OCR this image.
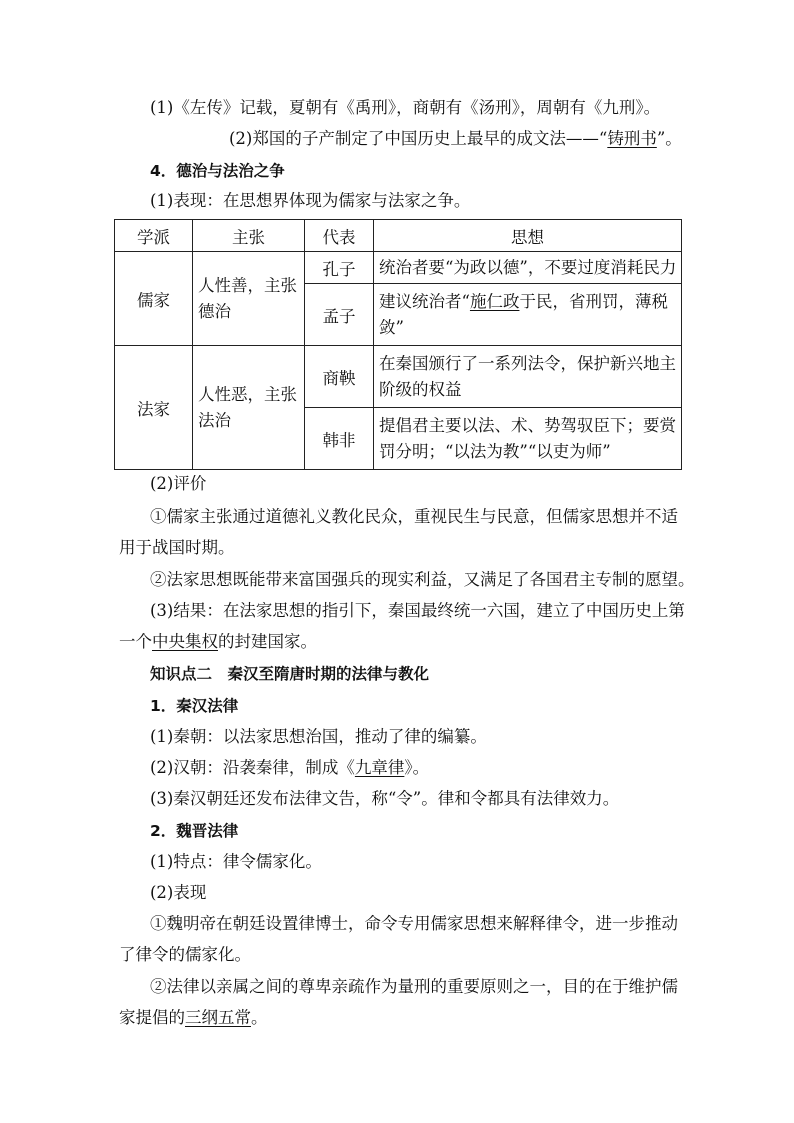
(1)《左传》记载，夏朝有《禹刑》，商朝有《汤刑》，周朝有《九刑》。
(2)郑国的子产制定了中国历史上最早的成文法——“铸刑书”。
4．德治与法治之争
(1)表现：在思想界体现为儒家与法家之争。
学派	主张	代表	思想
儒家	人性善，主张德治	孔子	统治者要“为政以德”，不要过度消耗民力
		孟子	建议统治者“施仁政于民，省刑罚，薄税敛”
法家	人性恶，主张法治	商鞅	在秦国颁行了一系列法令，保护新兴地主阶级的权益
		韩非	提倡君主要以法、术、势驾驭臣下；要赏罚分明；“以法为教”“以吏为师”
(2)评价
①儒家主张通过道德礼义教化民众，重视民生与民意，但儒家思想并不适
用于战国时期。
②法家思想既能带来富国强兵的现实利益，又满足了各国君主专制的愿望。
(3)结果：在法家思想的指引下，秦国最终统一六国，建立了中国历史上第
一个中央集权的封建国家。
知识点二　秦汉至隋唐时期的法律与教化
1．秦汉法律
(1)秦朝：以法家思想治国，推动了律的编纂。
(2)汉朝：沿袭秦律，制成《九章律》。
(3)秦汉朝廷还发布法律文告，称“令”。律和令都具有法律效力。
2．魏晋法律
(1)特点：律令儒家化。
(2)表现
①魏明帝在朝廷设置律博士，命令专用儒家思想来解释律令，进一步推动
了律令的儒家化。
②法律以亲属之间的尊卑亲疏作为量刑的重要原则之一，目的在于维护儒
家提倡的三纲五常。
